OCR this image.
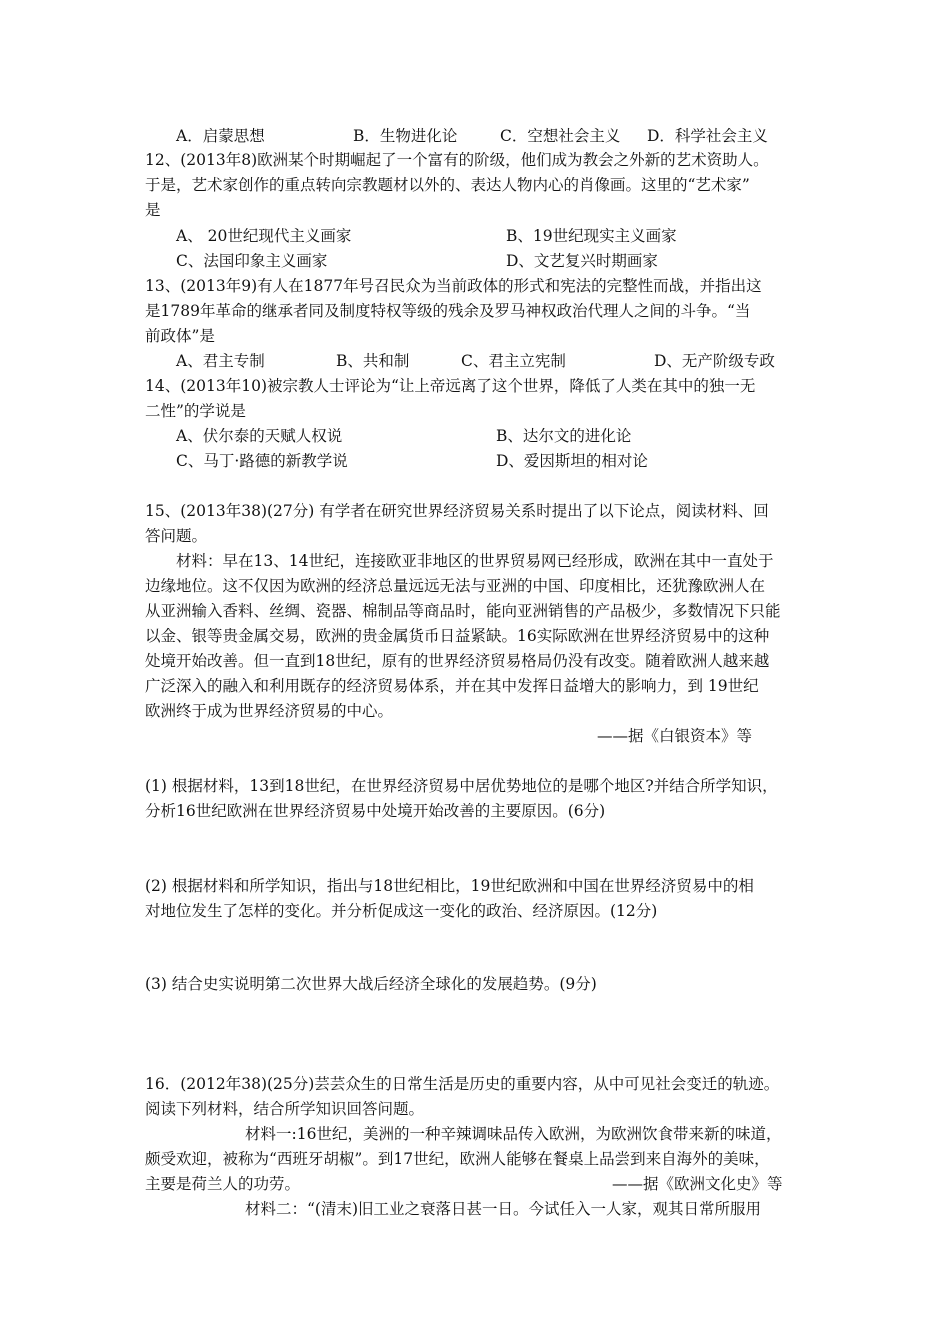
A．启蒙思想	B．生物进化论	C．空想社会主义 D．科学社会主义
12、(2013年8)欧洲某个时期崛起了一个富有的阶级，他们成为教会之外新的艺术资助人。
于是，艺术家创作的重点转向宗教题材以外的、表达人物内心的肖像画。这里的“艺术家”
是
A、 20世纪现代主义画家	B、19世纪现实主义画家
C、法国印象主义画家	D、文艺复兴时期画家
13、(2013年9)有人在1877年号召民众为当前政体的形式和宪法的完整性而战，并指出这
是1789年革命的继承者同及制度特权等级的残余及罗马神权政治代理人之间的斗争。“当
前政体”是
A、君主专制	B、共和制	C、君主立宪制	D、无产阶级专政
14、(2013年10)被宗教人士评论为“让上帝远离了这个世界，降低了人类在其中的独一无
二性”的学说是
A、伏尔泰的天赋人权说	B、达尔文的进化论
C、马丁·路德的新教学说	D、爱因斯坦的相对论
15、(2013年38)(27分) 有学者在研究世界经济贸易关系时提出了以下论点，阅读材料、回
答问题。
材料：早在13、14世纪，连接欧亚非地区的世界贸易网已经形成，欧洲在其中一直处于
边缘地位。这不仅因为欧洲的经济总量远远无法与亚洲的中国、印度相比，还犹豫欧洲人在
从亚洲输入香料、丝绸、瓷器、棉制品等商品时，能向亚洲销售的产品极少，多数情况下只能
以金、银等贵金属交易，欧洲的贵金属货币日益紧缺。16实际欧洲在世界经济贸易中的这种
处境开始改善。但一直到18世纪，原有的世界经济贸易格局仍没有改变。随着欧洲人越来越
广泛深入的融入和利用既存的经济贸易体系，并在其中发挥日益增大的影响力，到 19世纪
欧洲终于成为世界经济贸易的中心。
——据《白银资本》等
(1) 根据材料，13到18世纪，在世界经济贸易中居优势地位的是哪个地区?并结合所学知识，
分析16世纪欧洲在世界经济贸易中处境开始改善的主要原因。(6分)
(2) 根据材料和所学知识，指出与18世纪相比，19世纪欧洲和中国在世界经济贸易中的相
对地位发生了怎样的变化。并分析促成这一变化的政治、经济原因。(12分)
(3) 结合史实说明第二次世界大战后经济全球化的发展趋势。(9分)
16．(2012年38)(25分)芸芸众生的日常生活是历史的重要内容，从中可见社会变迁的轨迹。
阅读下列材料，结合所学知识回答问题。
材料一:16世纪，美洲的一种辛辣调味品传入欧洲，为欧洲饮食带来新的味道，
颇受欢迎，被称为“西班牙胡椒”。到17世纪，欧洲人能够在餐桌上品尝到来自海外的美味，
主要是荷兰人的功劳。	——据《欧洲文化史》等
材料二：“(清末)旧工业之衰落日甚一日。今试任入一人家，观其日常所服用
